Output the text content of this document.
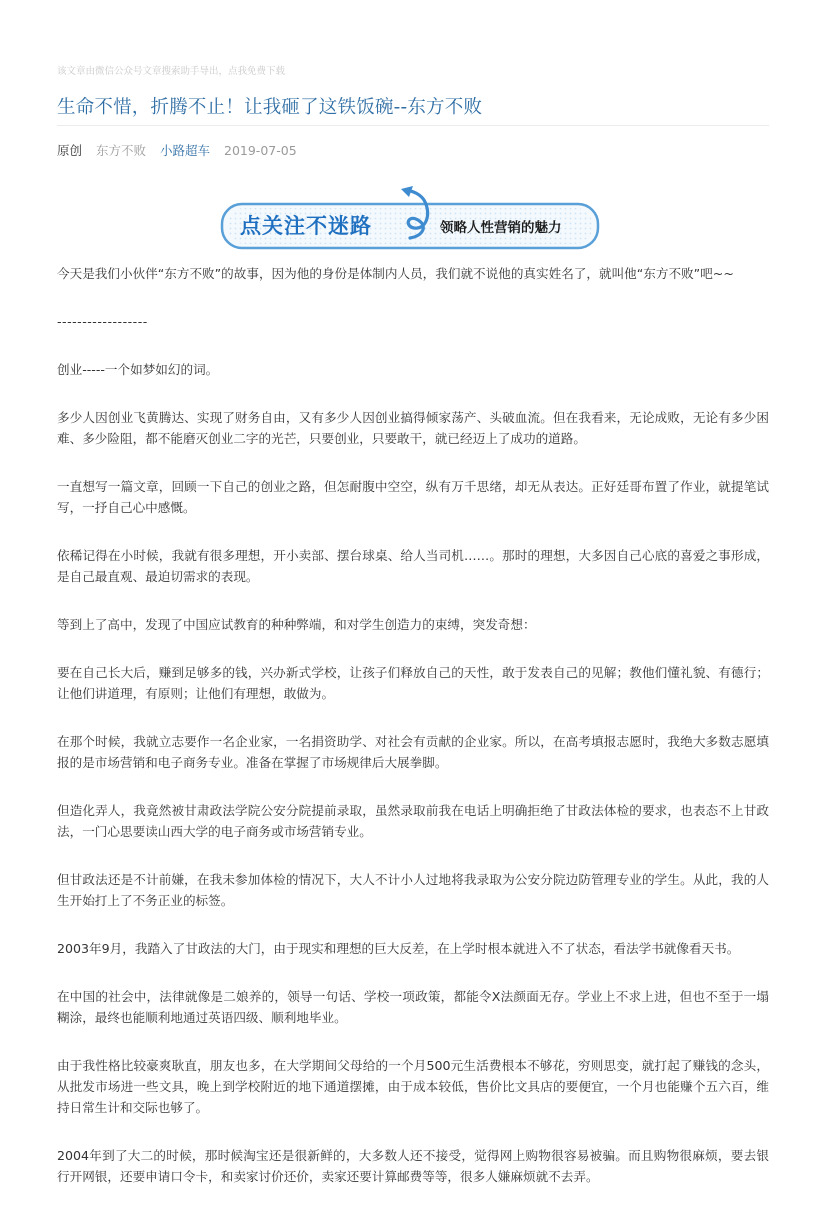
该文章由微信公众号文章搜索助手导出，点我免费下载
生命不惜，折腾不止！让我砸了这铁饭碗--东方不败
原创 东方不败 小路超车 2019-07-05
点关注不迷路	领略人性营销的魅力

今天是我们小伙伴“东方不败”的故事，因为他的身份是体制内人员，我们就不说他的真实姓名了，就叫他“东方不败”吧~~

------------------

创业-----一个如梦如幻的词。

多少人因创业飞黄腾达、实现了财务自由，又有多少人因创业搞得倾家荡产、头破血流。但在我看来，无论成败，无论有多少困难、多少险阻，都不能磨灭创业二字的光芒，只要创业，只要敢干，就已经迈上了成功的道路。

一直想写一篇文章，回顾一下自己的创业之路，但怎耐腹中空空，纵有万千思绪，却无从表达。正好廷哥布置了作业，就提笔试写，一抒自己心中感慨。

依稀记得在小时候，我就有很多理想，开小卖部、摆台球桌、给人当司机……。那时的理想，大多因自己心底的喜爱之事形成，是自己最直观、最迫切需求的表现。

等到上了高中，发现了中国应试教育的种种弊端，和对学生创造力的束缚，突发奇想：

要在自己长大后，赚到足够多的钱，兴办新式学校，让孩子们释放自己的天性，敢于发表自己的见解；教他们懂礼貌、有德行；让他们讲道理，有原则；让他们有理想，敢做为。

在那个时候，我就立志要作一名企业家，一名捐资助学、对社会有贡献的企业家。所以，在高考填报志愿时，我绝大多数志愿填报的是市场营销和电子商务专业。准备在掌握了市场规律后大展拳脚。

但造化弄人，我竟然被甘肃政法学院公安分院提前录取，虽然录取前我在电话上明确拒绝了甘政法体检的要求，也表态不上甘政法，一门心思要读山西大学的电子商务或市场营销专业。

但甘政法还是不计前嫌，在我未参加体检的情况下，大人不计小人过地将我录取为公安分院边防管理专业的学生。从此，我的人生开始打上了不务正业的标签。

2003年9月，我踏入了甘政法的大门，由于现实和理想的巨大反差，在上学时根本就进入不了状态，看法学书就像看天书。

在中国的社会中，法律就像是二娘养的，领导一句话、学校一项政策，都能令X法颜面无存。学业上不求上进，但也不至于一塌糊涂，最终也能顺利地通过英语四级、顺利地毕业。

由于我性格比较豪爽耿直，朋友也多，在大学期间父母给的一个月500元生活费根本不够花，穷则思变，就打起了赚钱的念头，从批发市场进一些文具，晚上到学校附近的地下通道摆摊，由于成本较低，售价比文具店的要便宜，一个月也能赚个五六百，维持日常生计和交际也够了。

2004年到了大二的时候，那时候淘宝还是很新鲜的，大多数人还不接受，觉得网上购物很容易被骗。而且购物很麻烦，要去银行开网银，还要申请口令卡，和卖家讨价还价，卖家还要计算邮费等等，很多人嫌麻烦就不去弄。
